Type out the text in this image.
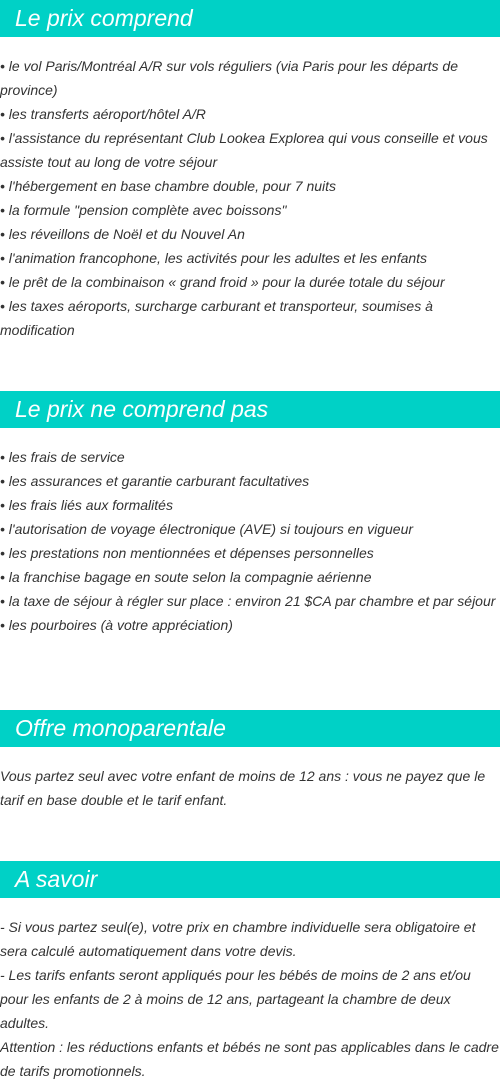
Le prix comprend
• le vol Paris/Montréal A/R sur vols réguliers (via Paris pour les départs de province)
• les transferts aéroport/hôtel A/R
• l'assistance du représentant Club Lookea Explorea qui vous conseille et vous assiste tout au long de votre séjour
• l'hébergement en base chambre double, pour 7 nuits
• la formule "pension complète avec boissons"
• les réveillons de Noël et du Nouvel An
• l'animation francophone, les activités pour les adultes et les enfants
• le prêt de la combinaison « grand froid » pour la durée totale du séjour
• les taxes aéroports, surcharge carburant et transporteur, soumises à modification
Le prix ne comprend pas
• les frais de service
• les assurances et garantie carburant facultatives
• les frais liés aux formalités
• l'autorisation de voyage électronique (AVE) si toujours en vigueur
• les prestations non mentionnées et dépenses personnelles
• la franchise bagage en soute selon la compagnie aérienne
• la taxe de séjour à régler sur place : environ 21 $CA par chambre et par séjour
• les pourboires (à votre appréciation)
Offre monoparentale

Vous partez seul avec votre enfant de moins de 12 ans : vous ne payez que le tarif en base double et le tarif enfant.

A savoir

- Si vous partez seul(e), votre prix en chambre individuelle sera obligatoire et sera calculé automatiquement dans votre devis.

- Les tarifs enfants seront appliqués pour les bébés de moins de 2 ans et/ou pour les enfants de 2 à moins de 12 ans, partageant la chambre de deux adultes.

Attention : les réductions enfants et bébés ne sont pas applicables dans le cadre de tarifs promotionnels.
